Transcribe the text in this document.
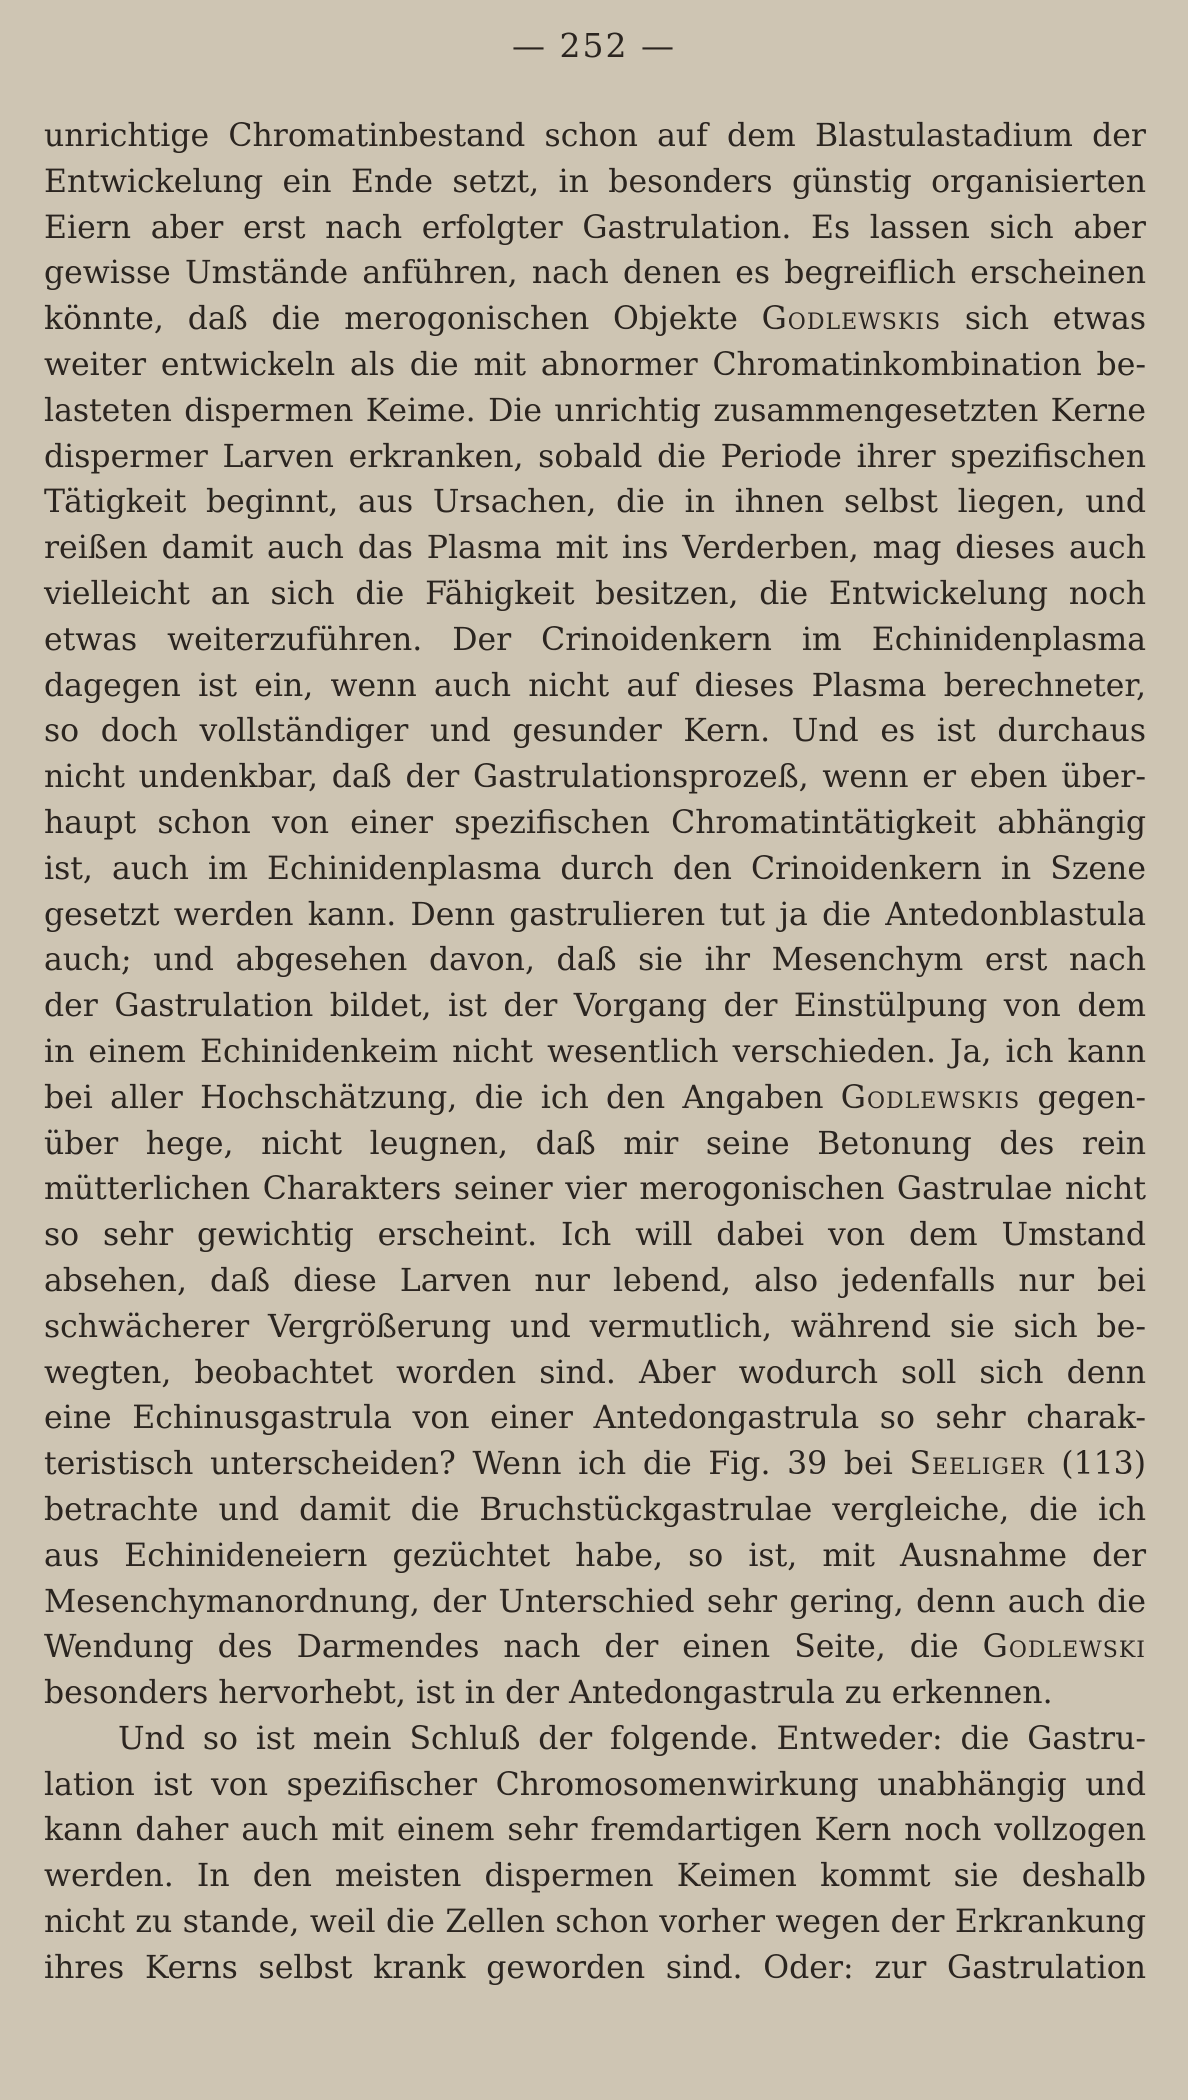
— 252 —
unrichtige Chromatinbestand schon auf dem Blastulastadium der
Entwickelung ein Ende setzt, in besonders günstig organisierten
Eiern aber erst nach erfolgter Gastrulation. Es lassen sich aber
gewisse Umstände anführen, nach denen es begreiflich erscheinen
könnte, daß die merogonischen Objekte Godlewskis sich etwas
weiter entwickeln als die mit abnormer Chromatinkombination be-
lasteten dispermen Keime. Die unrichtig zusammengesetzten Kerne
dispermer Larven erkranken, sobald die Periode ihrer spezifischen
Tätigkeit beginnt, aus Ursachen, die in ihnen selbst liegen, und
reißen damit auch das Plasma mit ins Verderben, mag dieses auch
vielleicht an sich die Fähigkeit besitzen, die Entwickelung noch
etwas weiterzuführen. Der Crinoidenkern im Echinidenplasma
dagegen ist ein, wenn auch nicht auf dieses Plasma berechneter,
so doch vollständiger und gesunder Kern. Und es ist durchaus
nicht undenkbar, daß der Gastrulationsprozeß, wenn er eben über-
haupt schon von einer spezifischen Chromatintätigkeit abhängig
ist, auch im Echinidenplasma durch den Crinoidenkern in Szene
gesetzt werden kann. Denn gastrulieren tut ja die Antedonblastula
auch; und abgesehen davon, daß sie ihr Mesenchym erst nach
der Gastrulation bildet, ist der Vorgang der Einstülpung von dem
in einem Echinidenkeim nicht wesentlich verschieden. Ja, ich kann
bei aller Hochschätzung, die ich den Angaben Godlewskis gegen-
über hege, nicht leugnen, daß mir seine Betonung des rein
mütterlichen Charakters seiner vier merogonischen Gastrulae nicht
so sehr gewichtig erscheint. Ich will dabei von dem Umstand
absehen, daß diese Larven nur lebend, also jedenfalls nur bei
schwächerer Vergrößerung und vermutlich, während sie sich be-
wegten, beobachtet worden sind. Aber wodurch soll sich denn
eine Echinusgastrula von einer Antedongastrula so sehr charak-
teristisch unterscheiden? Wenn ich die Fig. 39 bei Seeliger (113)
betrachte und damit die Bruchstückgastrulae vergleiche, die ich
aus Echinideneiern gezüchtet habe, so ist, mit Ausnahme der
Mesenchymanordnung, der Unterschied sehr gering, denn auch die
Wendung des Darmendes nach der einen Seite, die Godlewski
besonders hervorhebt, ist in der Antedongastrula zu erkennen.
Und so ist mein Schluß der folgende. Entweder: die Gastru-
lation ist von spezifischer Chromosomenwirkung unabhängig und
kann daher auch mit einem sehr fremdartigen Kern noch vollzogen
werden. In den meisten dispermen Keimen kommt sie deshalb
nicht zu stande, weil die Zellen schon vorher wegen der Erkrankung
ihres Kerns selbst krank geworden sind. Oder: zur Gastrulation
